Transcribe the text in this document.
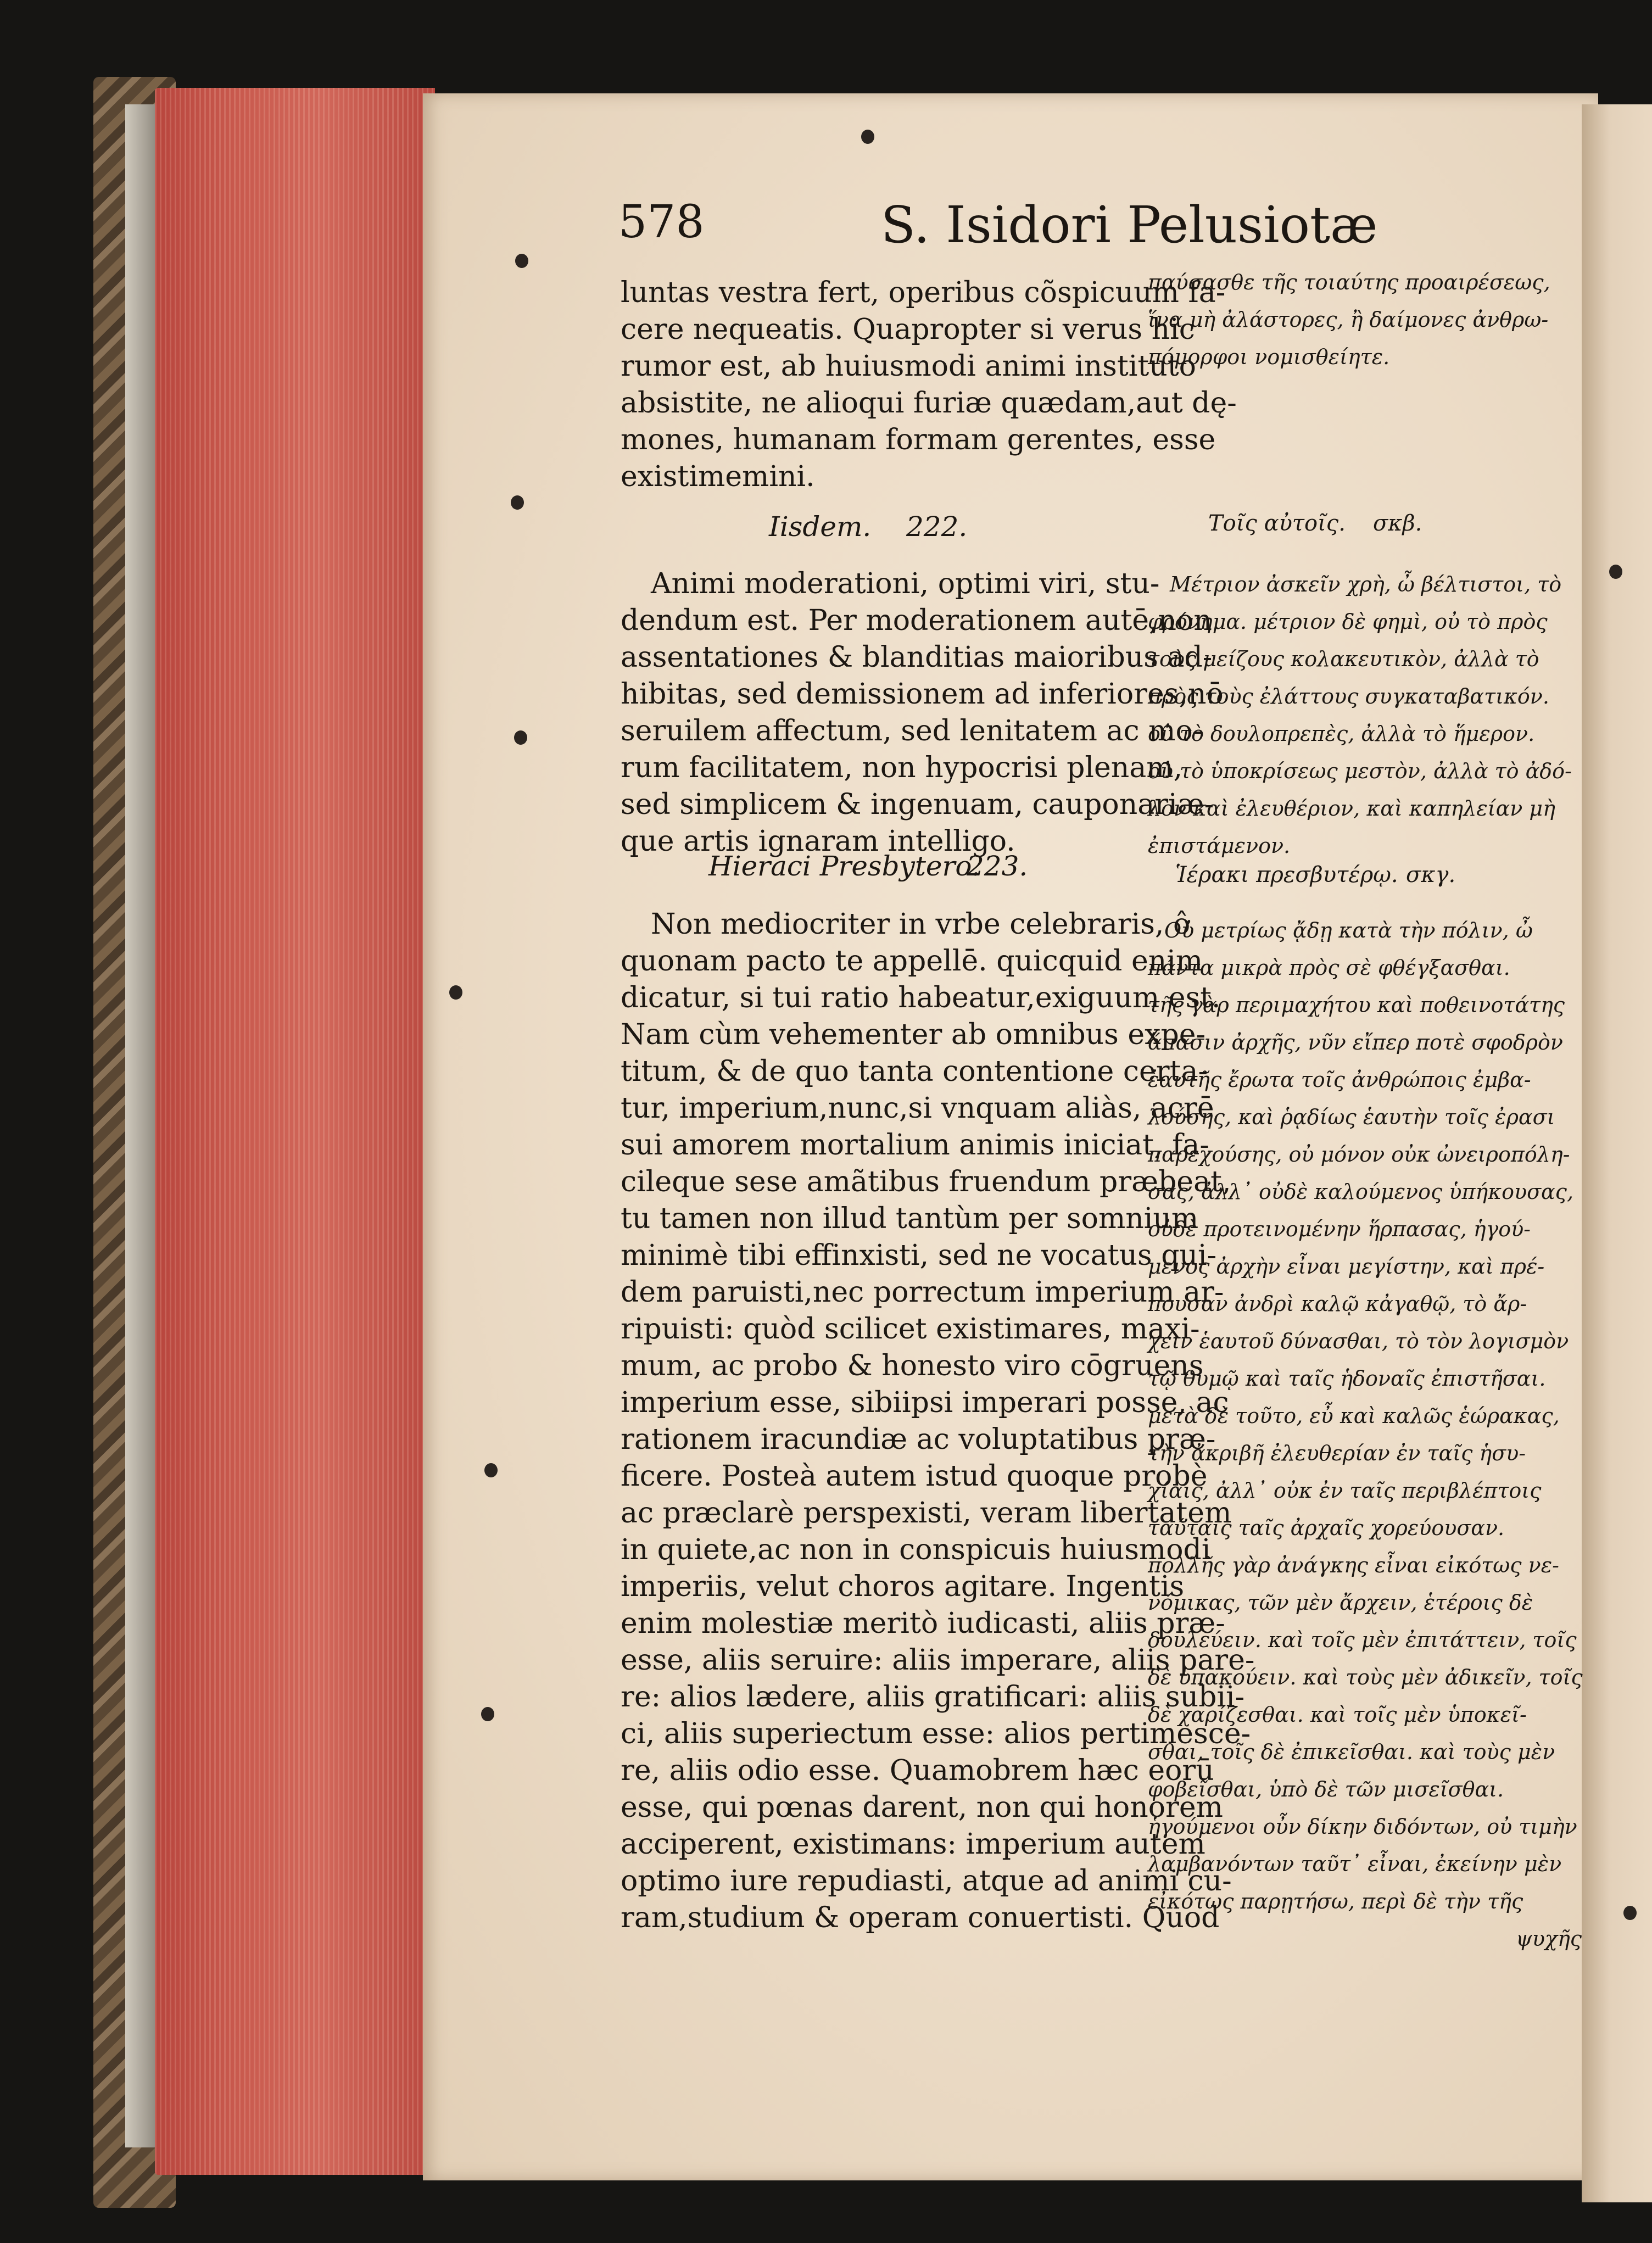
578	S. Isidori Pelusiotæ
luntas vestra fert, operibus cõspicuum fa-
cere nequeatis. Quapropter si verus hic
rumor est, ab huiusmodi animi instituto
absistite, ne alioqui furiæ quædam,aut dę-
mones, humanam formam gerentes, esse
existimemini.
Iisdem. 222.
Animi moderationi, optimi viri, stu-
dendum est. Per moderationem autē,non
assentationes & blanditias maioribus ad-
hibitas, sed demissionem ad inferiores,nō
seruilem affectum, sed lenitatem ac mo-
rum facilitatem, non hypocrisi plenam,
sed simplicem & ingenuam, cauponariæ-
que artis ignaram intelligo.
Hieraci Presbytero.
223.
Non mediocriter in vrbe celebraris, ô
quonam pacto te appellē. quicquid enim
dicatur, si tui ratio habeatur,exiguum est.
Nam cùm vehementer ab omnibus expe-
titum, & de quo tanta contentione certa-
tur, imperium,nunc,si vnquam aliàs, acrē
sui amorem mortalium animis iniciat, fa-
cileque sese amãtibus fruendum præbeat,
tu tamen non illud tantùm per somnium
minimè tibi effinxisti, sed ne vocatus qui-
dem paruisti,nec porrectum imperium ar-
ripuisti: quòd scilicet existimares, maxi-
mum, ac probo & honesto viro cōgruens
imperium esse, sibiipsi imperari posse, ac
rationem iracundiæ ac voluptatibus præ-
ficere. Posteà autem istud quoque probè
ac præclarè perspexisti, veram libertatem
in quiete,ac non in conspicuis huiusmodi
imperiis, velut choros agitare. Ingentis
enim molestiæ meritò iudicasti, aliis præ-
esse, aliis seruire: aliis imperare, aliis pare-
re: alios lædere, aliis gratificari: aliis subii-
ci, aliis superiectum esse: alios pertimesce-
re, aliis odio esse. Quamobrem hæc eorū
esse, qui pœnas darent, non qui honorem
acciperent, existimans: imperium autem
optimo iure repudiasti, atque ad animi cu-
ram,studium & operam conuertisti. Quod
παύσασθε τῆς τοιαύτης προαιρέσεως,
ἵνα μὴ ἀλάστορες, ἢ δαίμονες ἀνθρω-
πόμορφοι νομισθείητε.
Τοῖς αὐτοῖς. σκβ.
Μέτριον ἀσκεῖν χρὴ, ὦ βέλτιστοι, τὸ
φρόνημα. μέτριον δὲ φημὶ, οὐ τὸ πρὸς
τοὺς μείζους κολακευτικὸν, ἀλλὰ τὸ
πρὸς τοὺς ἐλάττους συγκαταβατικόν.
οὐ τὸ δουλοπρεπὲς, ἀλλὰ τὸ ἥμερον.
οὐ τὸ ὑποκρίσεως μεστὸν, ἀλλὰ τὸ ἀδό-
λον καὶ ἐλευθέριον, καὶ καπηλείαν μὴ
ἐπιστάμενον.
Ἱέρακι πρεσβυτέρῳ. σκγ.
Οὐ μετρίως ᾄδῃ κατὰ τὴν πόλιν, ὦ
πάντα μικρὰ πρὸς σὲ φθέγξασθαι.
τῆς γὰρ περιμαχήτου καὶ ποθεινοτάτης
ἅπασιν ἀρχῆς, νῦν εἴπερ ποτὲ σφοδρὸν
ἑαυτῆς ἔρωτα τοῖς ἀνθρώποις ἐμβα-
λούσης, καὶ ῥᾳδίως ἑαυτὴν τοῖς ἐρασι
παρεχούσης, οὐ μόνον οὐκ ὠνειροπόλη-
σας, ἀλλ᾿ οὐδὲ καλούμενος ὑπήκουσας,
οὐδὲ προτεινομένην ἥρπασας, ἡγού-
μενος ἀρχὴν εἶναι μεγίστην, καὶ πρέ-
πουσαν ἀνδρὶ καλῷ κἀγαθῷ, τὸ ἄρ-
χειν ἑαυτοῦ δύνασθαι, τὸ τὸν λογισμὸν
τῷ θυμῷ καὶ ταῖς ἡδοναῖς ἐπιστῆσαι.
μετὰ δὲ τοῦτο, εὖ καὶ καλῶς ἑώρακας,
τὴν ἀκριβῆ ἐλευθερίαν ἐν ταῖς ἡσυ-
χίαις, ἀλλ᾿ οὐκ ἐν ταῖς περιβλέπτοις
ταύταις ταῖς ἀρχαῖς χορεύουσαν.
πολλῆς γὰρ ἀνάγκης εἶναι εἰκότως νε-
νόμικας, τῶν μὲν ἄρχειν, ἑτέροις δὲ
δουλεύειν. καὶ τοῖς μὲν ἐπιτάττειν, τοῖς
δὲ ὑπακούειν. καὶ τοὺς μὲν ἀδικεῖν, τοῖς
δὲ χαρίζεσθαι. καὶ τοῖς μὲν ὑποκεῖ-
σθαι, τοῖς δὲ ἐπικεῖσθαι. καὶ τοὺς μὲν
φοβεῖσθαι, ὑπὸ δὲ τῶν μισεῖσθαι.
ἡγούμενοι οὖν δίκην διδόντων, οὐ τιμὴν
λαμβανόντων ταῦτ᾿ εἶναι, ἐκείνην μὲν
εἰκότως παρῃτήσω, περὶ δὲ τὴν τῆς
ψυχῆς
